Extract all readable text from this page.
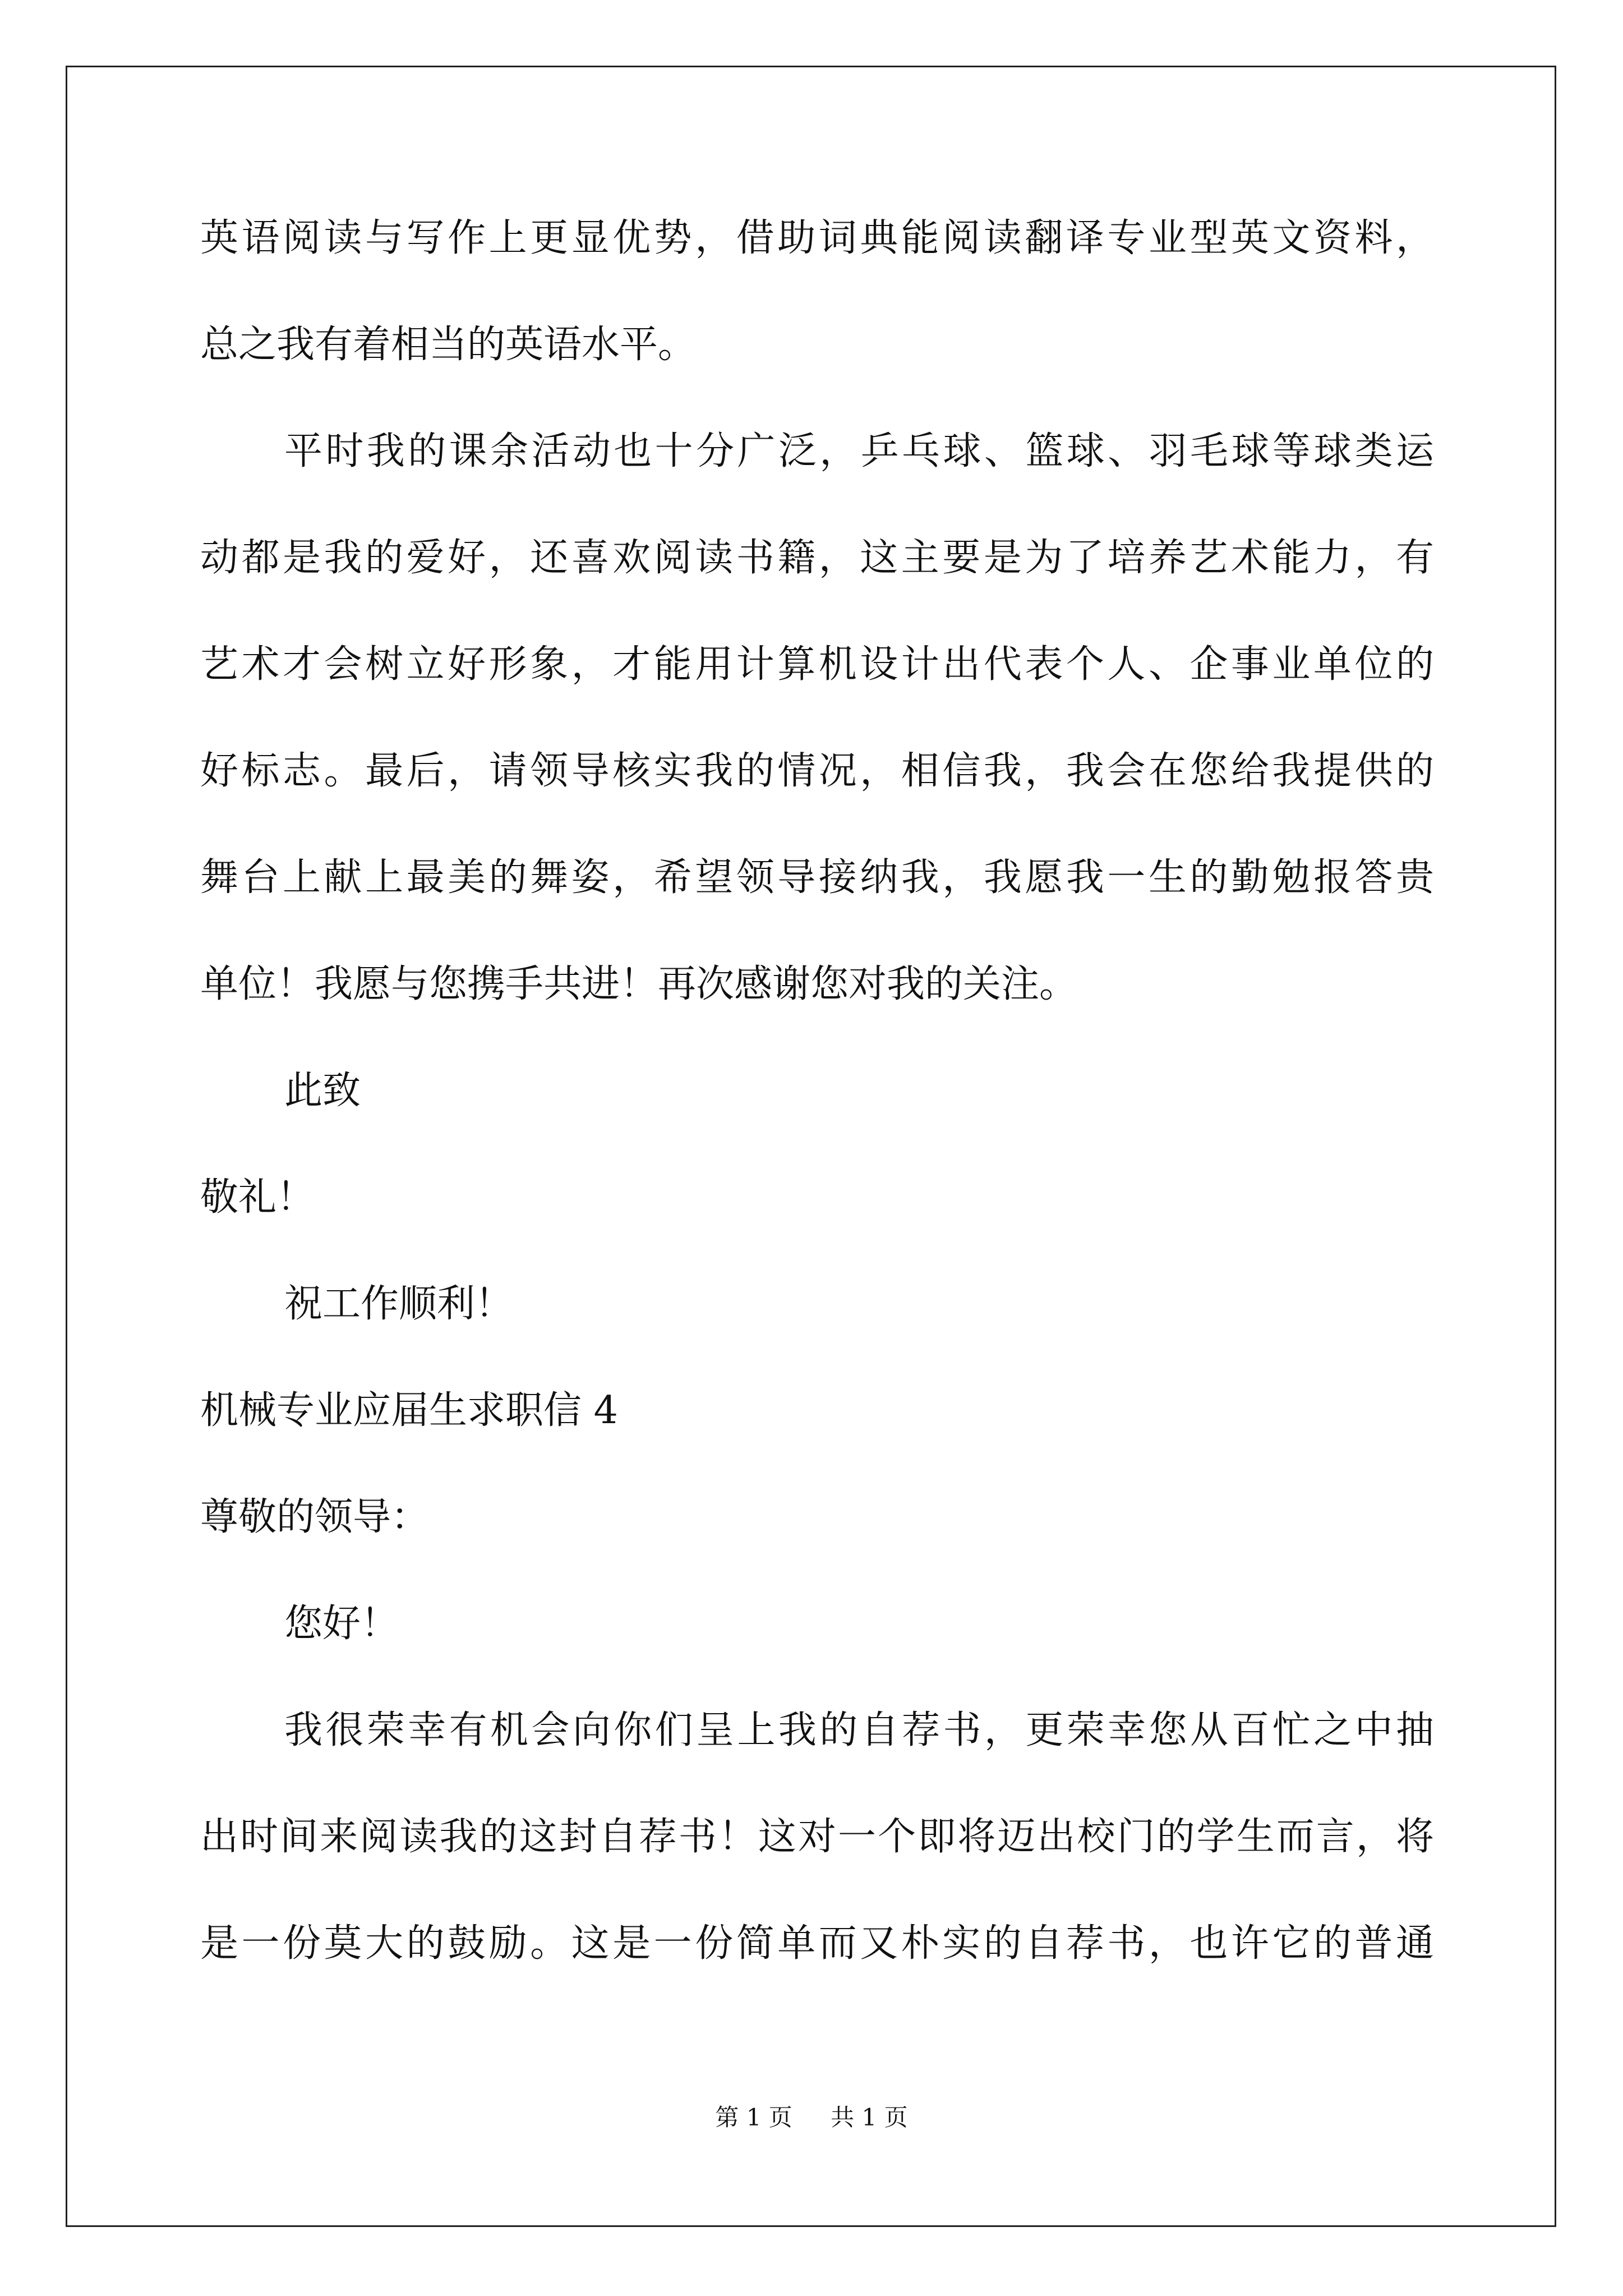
英语阅读与写作上更显优势，借助词典能阅读翻译专业型英文资料，
总之我有着相当的英语水平。
平时我的课余活动也十分广泛，乒乓球、篮球、羽毛球等球类运
动都是我的爱好，还喜欢阅读书籍，这主要是为了培养艺术能力，有
艺术才会树立好形象，才能用计算机设计出代表个人、企事业单位的
好标志。最后，请领导核实我的情况，相信我，我会在您给我提供的
舞台上献上最美的舞姿，希望领导接纳我，我愿我一生的勤勉报答贵
单位！我愿与您携手共进！再次感谢您对我的关注。
此致
敬礼！
祝工作顺利！
机械专业应届生求职信 4
尊敬的领导：
您好！
我很荣幸有机会向你们呈上我的自荐书，更荣幸您从百忙之中抽
出时间来阅读我的这封自荐书！这对一个即将迈出校门的学生而言，将
是一份莫大的鼓励。这是一份简单而又朴实的自荐书，也许它的普通
第 1 页 共 1 页
